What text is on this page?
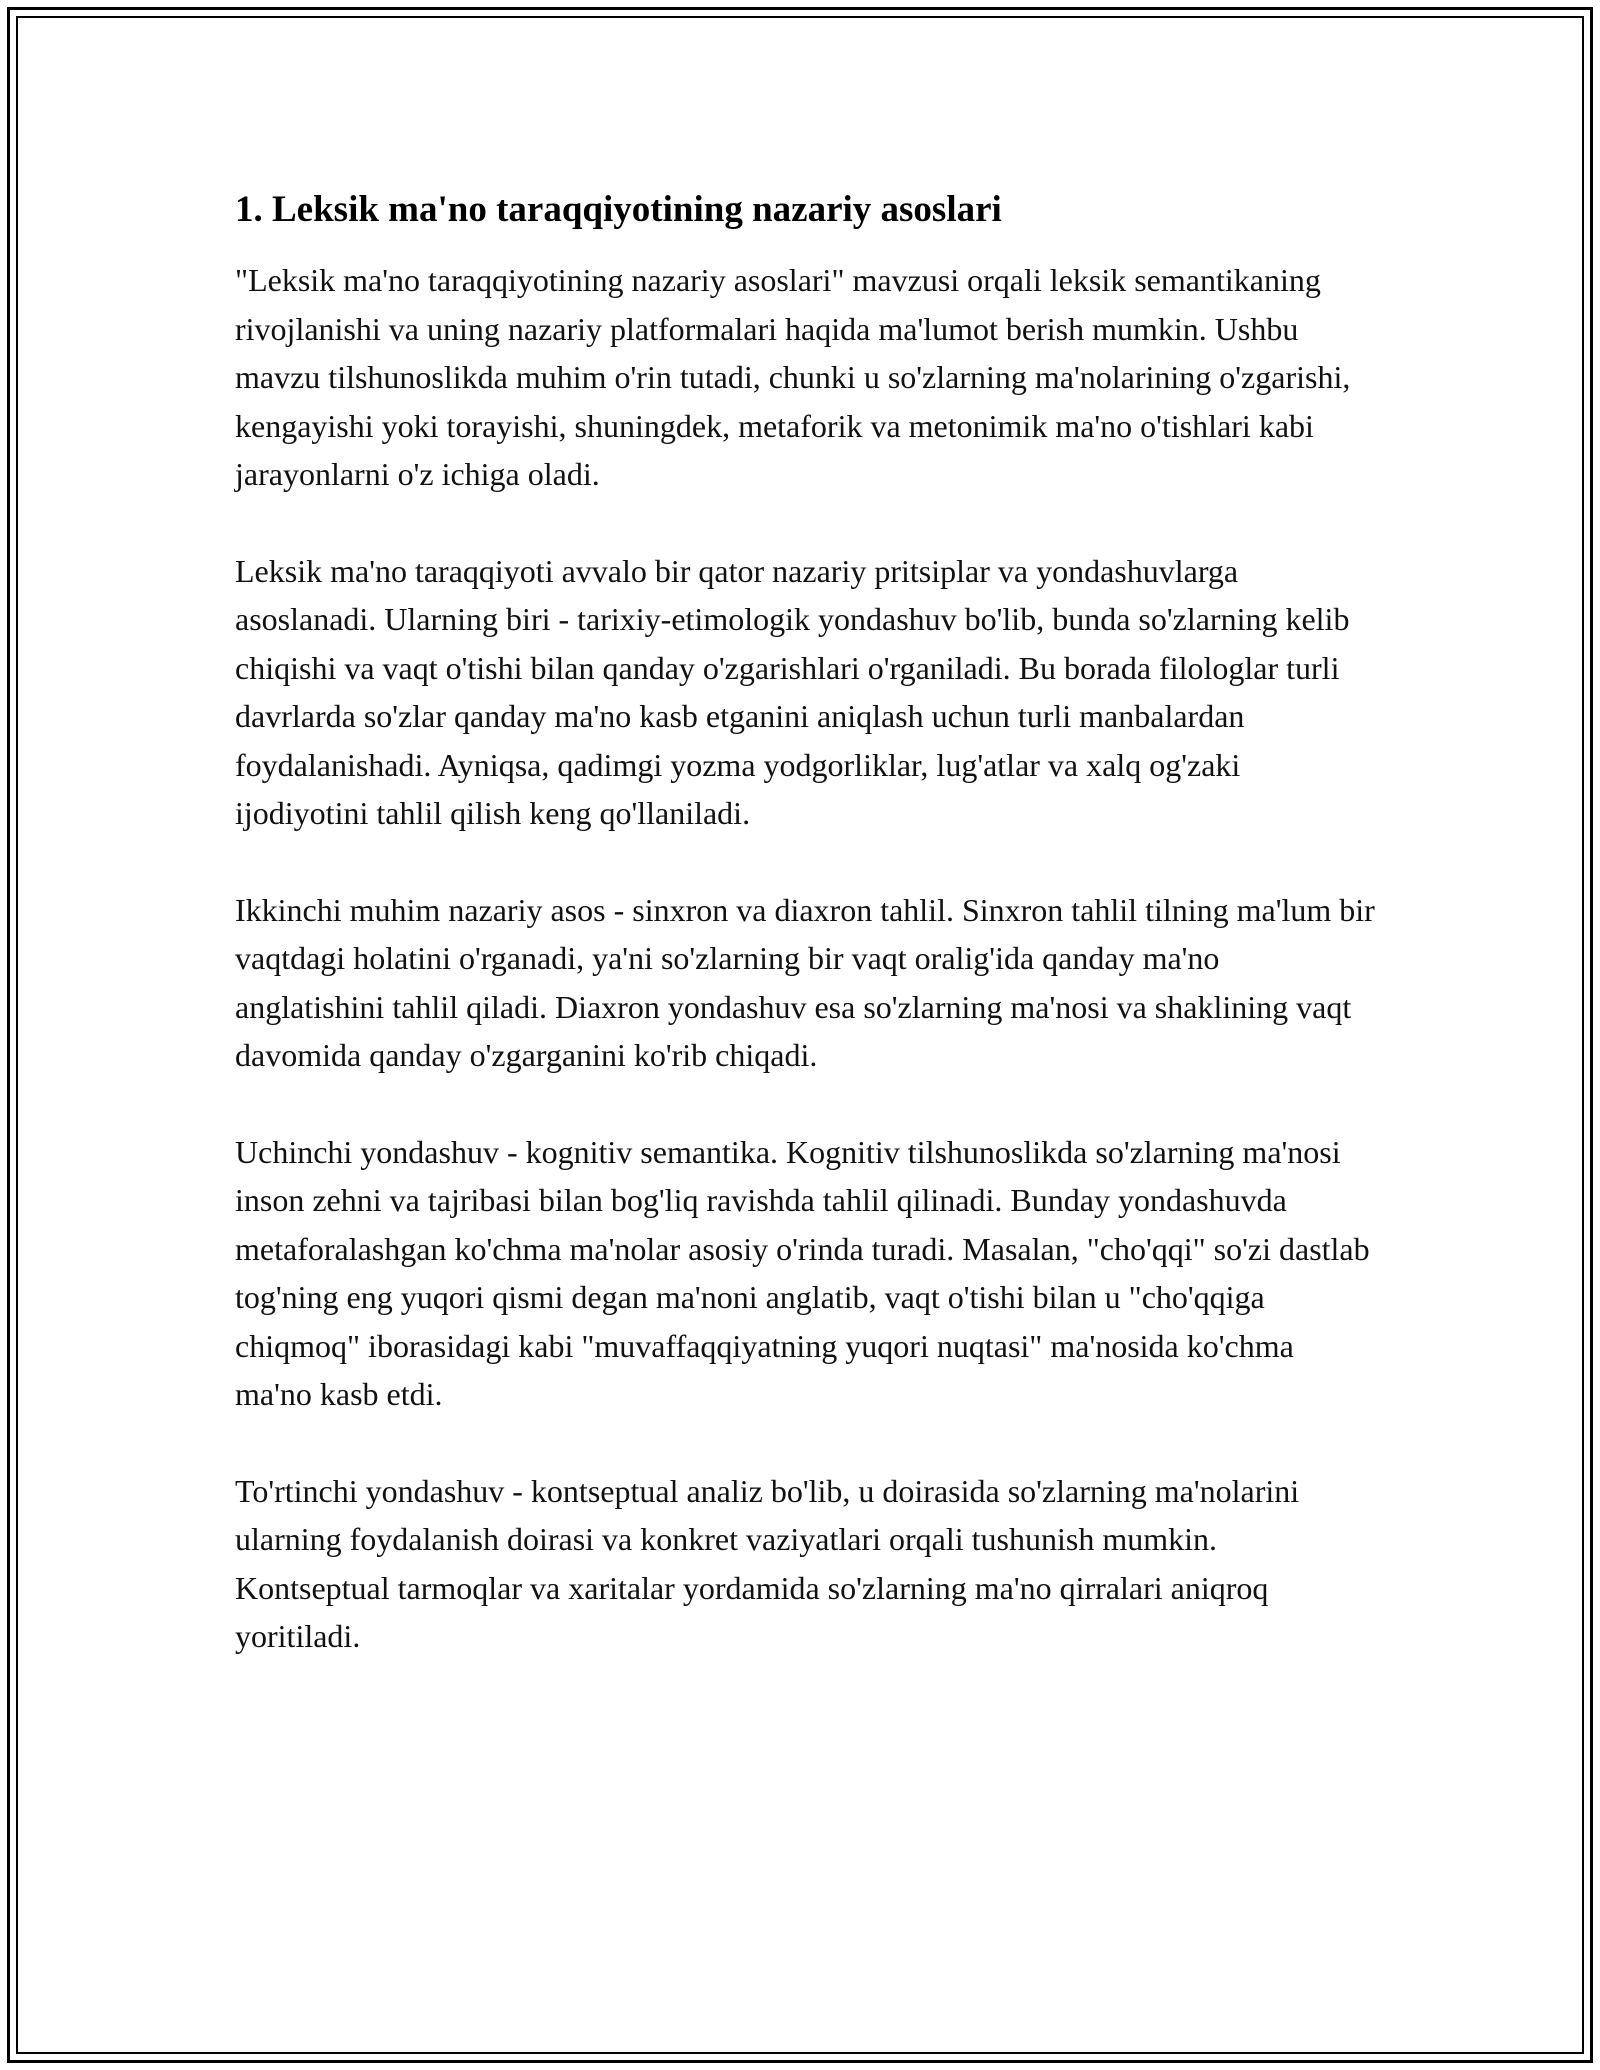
1. Leksik ma'no taraqqiyotining nazariy asoslari

"Leksik ma'no taraqqiyotining nazariy asoslari" mavzusi orqali leksik semantikaning rivojlanishi va uning nazariy platformalari haqida ma'lumot berish mumkin. Ushbu mavzu tilshunoslikda muhim o'rin tutadi, chunki u so'zlarning ma'nolarining o'zgarishi, kengayishi yoki torayishi, shuningdek, metaforik va metonimik ma'no o'tishlari kabi jarayonlarni o'z ichiga oladi.

Leksik ma'no taraqqiyoti avvalo bir qator nazariy pritsiplar va yondashuvlarga asoslanadi. Ularning biri - tarixiy-etimologik yondashuv bo'lib, bunda so'zlarning kelib chiqishi va vaqt o'tishi bilan qanday o'zgarishlari o'rganiladi. Bu borada filologlar turli davrlarda so'zlar qanday ma'no kasb etganini aniqlash uchun turli manbalardan foydalanishadi. Ayniqsa, qadimgi yozma yodgorliklar, lug'atlar va xalq og'zaki ijodiyotini tahlil qilish keng qo'llaniladi.

Ikkinchi muhim nazariy asos - sinxron va diaxron tahlil. Sinxron tahlil tilning ma'lum bir vaqtdagi holatini o'rganadi, ya'ni so'zlarning bir vaqt oralig'ida qanday ma'no anglatishini tahlil qiladi. Diaxron yondashuv esa so'zlarning ma'nosi va shaklining vaqt davomida qanday o'zgarganini ko'rib chiqadi.

Uchinchi yondashuv - kognitiv semantika. Kognitiv tilshunoslikda so'zlarning ma'nosi inson zehni va tajribasi bilan bog'liq ravishda tahlil qilinadi. Bunday yondashuvda metaforalashgan ko'chma ma'nolar asosiy o'rinda turadi. Masalan, "cho'qqi" so'zi dastlab tog'ning eng yuqori qismi degan ma'noni anglatib, vaqt o'tishi bilan u "cho'qqiga chiqmoq" iborasidagi kabi "muvaffaqqiyatning yuqori nuqtasi" ma'nosida ko'chma ma'no kasb etdi.

To'rtinchi yondashuv - kontseptual analiz bo'lib, u doirasida so'zlarning ma'nolarini ularning foydalanish doirasi va konkret vaziyatlari orqali tushunish mumkin. Kontseptual tarmoqlar va xaritalar yordamida so'zlarning ma'no qirralari aniqroq yoritiladi.
